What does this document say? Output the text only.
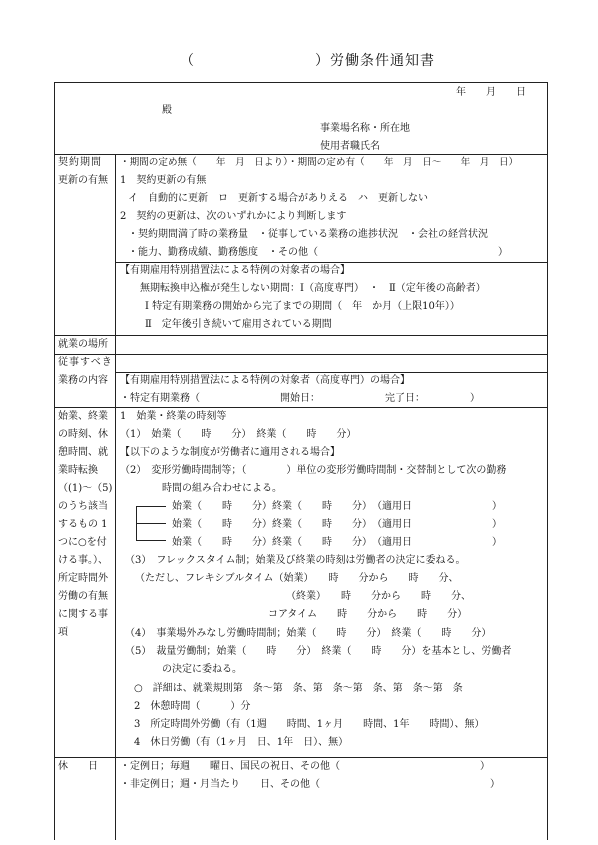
（　　　　　　　　）労働条件通知書
年　　月　　日
殿
事業場名称・所在地
使用者職氏名
契約期間
更新の有無
・期間の定め無（　　年　月　日より）・期間の定め有（　　年　月　日～　　年　月　日）
1　契約更新の有無
イ　自動的に更新　ロ　更新する場合がありえる　ハ　更新しない
2　契約の更新は、次のいずれかにより判断します
・契約期間満了時の業務量　・従事している業務の進捗状況　・会社の経営状況
・能力、勤務成績、勤務態度　・その他（　　　　　　　　　　　　　　　　　　）
【有期雇用特別措置法による特例の対象者の場合】
無期転換申込権が発生しない期間：Ⅰ（高度専門）　・　Ⅱ（定年後の高齢者）
Ⅰ 特定有期業務の開始から完了までの期間（　年　か月（上限10年））
Ⅱ　定年後引き続いて雇用されている期間
就業の場所
従事すべき
業務の内容 【有期雇用特別措置法による特例の対象者（高度専門）の場合】
・特定有期業務（　　　　　　　　開始日：　　　　　　　完了日：　　　　　）
始業、終業
の時刻、休
憩時間、就
業時転換
（(1)～（5)
のうち該当
するもの 1
つに○を付
ける事。）、
所定時間外
労働の有無
に関する事
項
1　始業・終業の時刻等
（1）　始業（　　時　　分）　終業（　　時　　分）
【以下のような制度が労働者に適用される場合】
（2）　変形労働時間制等；（　　　　）単位の変形労働時間制・交替制として次の勤務
時間の組み合わせによる。
始業（　　時　　分）終業（　　時　　分）　（適用日　　　　　　　　）
始業（　　時　　分）終業（　　時　　分）　（適用日　　　　　　　　）
始業（　　時　　分）終業（　　時　　分）　（適用日　　　　　　　　）
（3）　フレックスタイム制；始業及び終業の時刻は労働者の決定に委ねる。
（ただし、フレキシブルタイム（始業）　　時　　分から　　時　　分、
（終業）　　時　　分から　　時　　分、
コアタイム　　時　　分から　　時　　分）
（4）　事業場外みなし労働時間制；始業（　　時　　分）　終業（　　時　　分）
（5）　裁量労働制；始業（　　時　　分）　終業（　　時　　分）を基本とし、労働者
の決定に委ねる。
○　詳細は、就業規則第　条～第　条、第　条～第　条、第　条～第　条
2　休憩時間（　　　）分
3　所定時間外労働（有（1週　　時間、1ヶ月　　時間、1年　　時間）、無）
4　休日労働（有（1ヶ月　日、1年　日）、無）
休　　日 ・定例日；毎週　　曜日、国民の祝日、その他（　　　　　　　　　　　　　　）
・非定例日；週・月当たり　　日、その他（　　　　　　　　　　　　　　　　　）
